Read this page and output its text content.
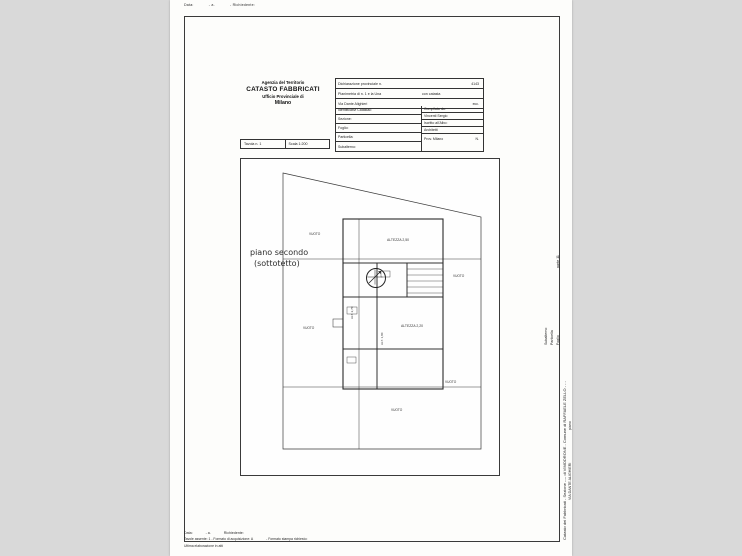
Data:	- a.	- Richiedente:
Agenzia del Territorio
CATASTO FABBRICATI
Ufficio Provinciale di
Milano
Tavola n. 1	Scala 1:200
Dichiarazione provinciale n.	4143
Planimetria di n. 1 e la Una	con catasta
Via Dante Alighieri	ecc.
Identificativi Catastali:
Sezione:
Foglio:
Particella:
Subalterno:
Compilata da:
Vincenti Sergio
Iscritto all'Albo:
Architetti
Prov. Milano	N.
ALTEZZA 2,50
ALTEZZA 2,20
ALT. 2,70
ALT. 1,80
VUOTO
VUOTO
VUOTO
VUOTO
VUOTO
piano secondo
(sottotetto)
Data:	- a.	Richiedente:
Tavole assente: 1 - Formato di acquisizione: A	- Formato stampa richiesto:
Ultima elaborazione in atti
parte 11
Subalterno Particella Foglio
Catasto dei Fabbricati - Sezione ---- di VIMODRONE - Comune di RAFFAELE ZELLO - - - piano
VIA DANTE ALIGHIERI
